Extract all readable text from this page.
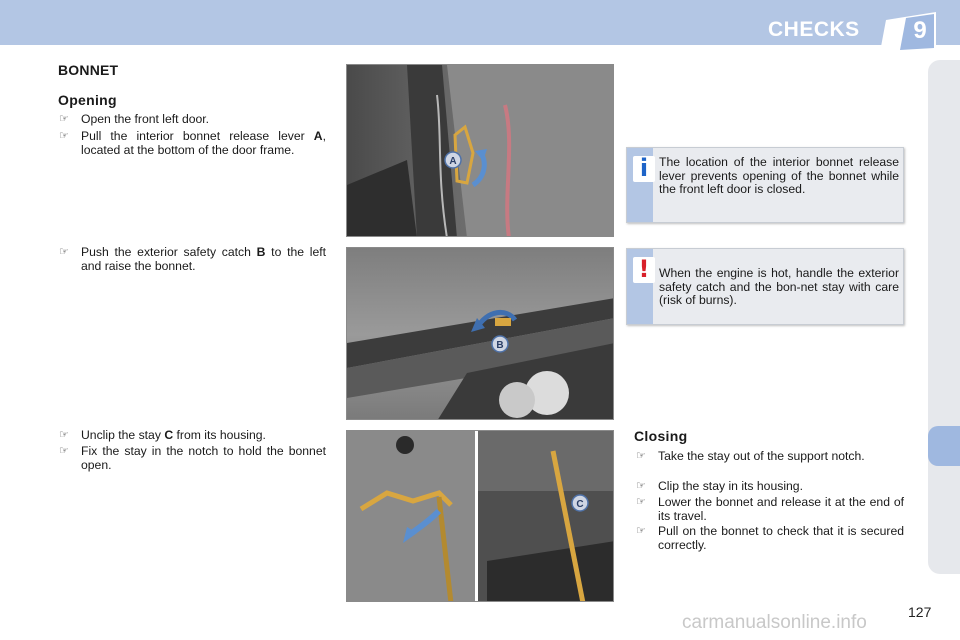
CHECKS	9
BONNET
Opening
☞ Open the front left door.
☞ Pull the interior bonnet release lever A, located at the bottom of the door frame.
☞ Push the exterior safety catch B to the left and raise the bonnet.
☞ Unclip the stay C from its housing.
☞ Fix the stay in the notch to hold the bonnet open.
A
B
C
i The location of the interior bonnet release lever prevents opening of the bonnet while the front left door is closed.
! When the engine is hot, handle the exterior safety catch and the bon-net stay with care (risk of burns).
Closing
☞ Take the stay out of the support notch.
☞ Clip the stay in its housing.
☞ Lower the bonnet and release it at the end of its travel.
☞ Pull on the bonnet to check that it is secured correctly.
127
carmanualsonline.info
